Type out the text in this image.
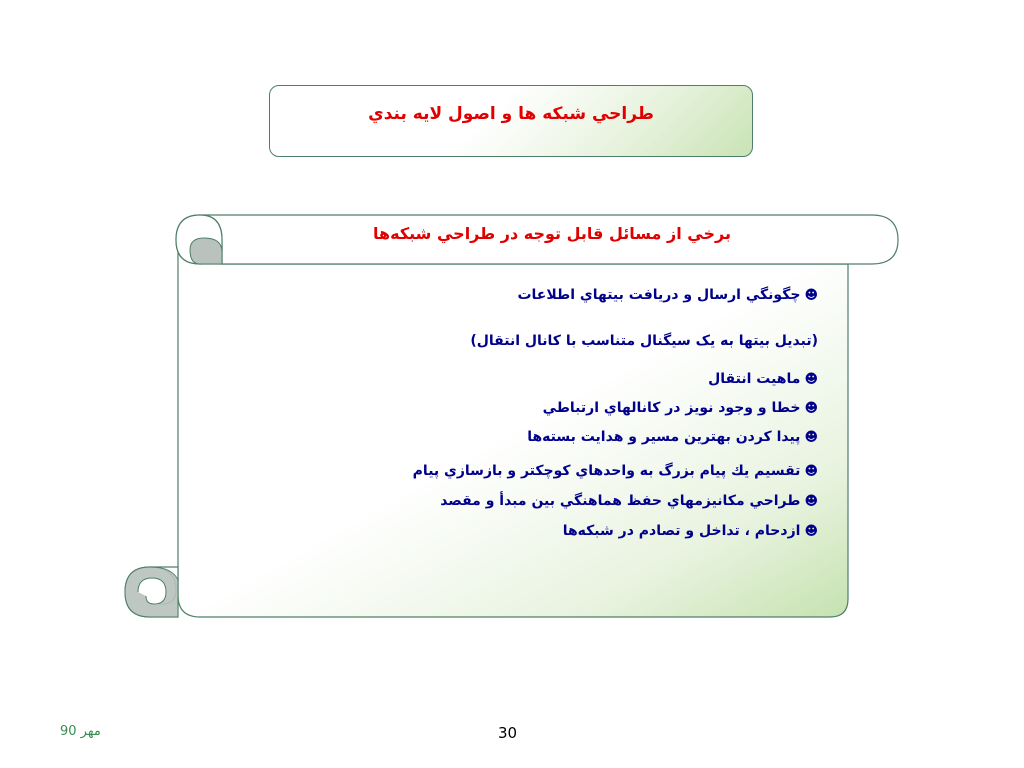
طراحي شبکه ها و اصول لايه بندي
برخي از مسائل قابل توجه در طراحي شبکه‌ها
☻چگونگي ارسال و دريافت بيتهاي اطلاعات
(تبديل بيتها به يک سيگنال متناسب با کانال انتقال)
☻ماهيت انتقال
☻خطا و وجود نويز در کانالهاي ارتباطي
☻پيدا کردن بهترين مسير و هدايت بسته‌ها
☻تقسيم يك پيام بزرگ به واحدهاي کوچکتر و بازسازي پيام
☻طراحي مکانيزمهاي حفظ هماهنگي بين مبدأ و مقصد
☻ازدحام ، تداخل و تصادم در شبکه‌ها
مهر 90	30
